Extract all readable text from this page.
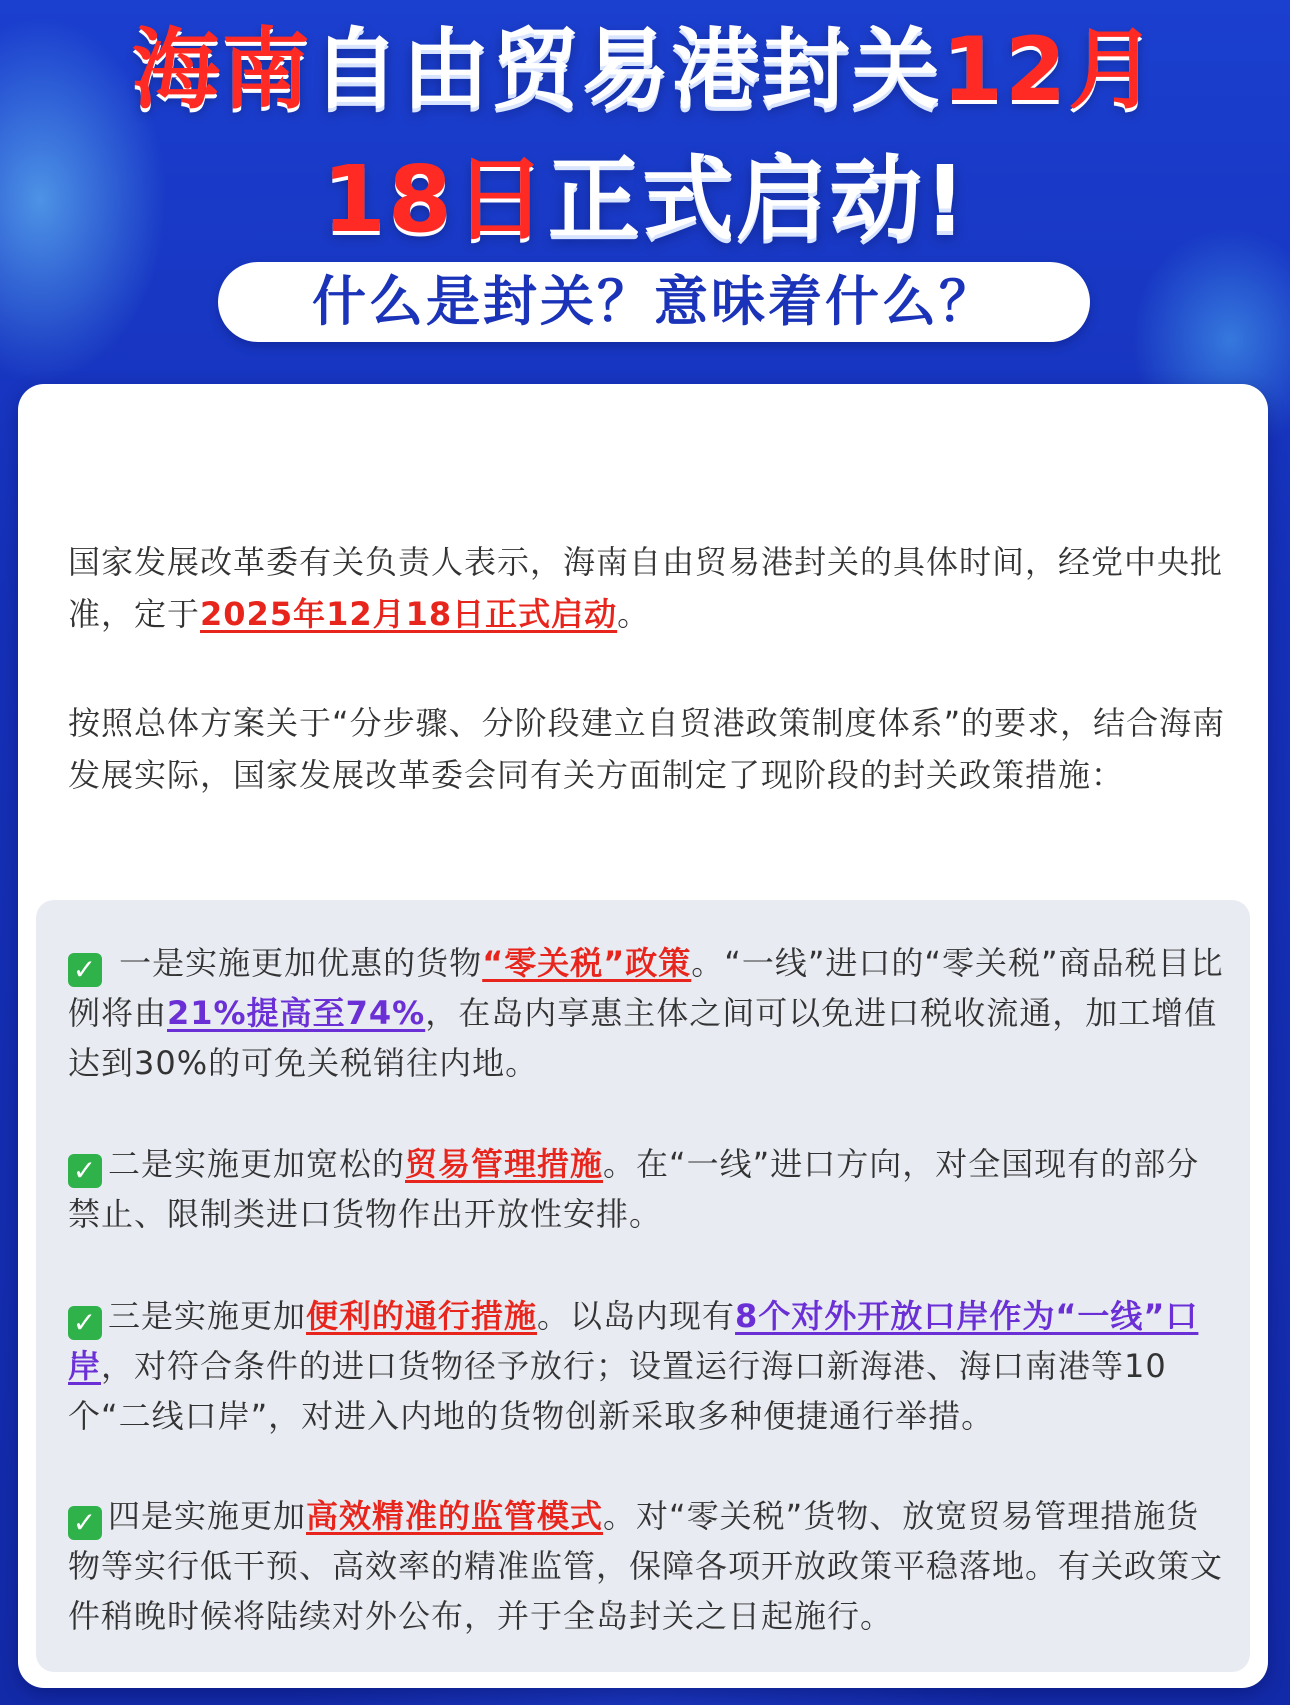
海南自由贸易港封关12月
18日正式启动!
什么是封关？意味着什么？
国家发展改革委有关负责人表示，海南自由贸易港封关的具体时间，经党中央批准，定于2025年12月18日正式启动。
按照总体方案关于“分步骤、分阶段建立自贸港政策制度体系”的要求，结合海南发展实际，国家发展改革委会同有关方面制定了现阶段的封关政策措施：
✓ 一是实施更加优惠的货物“零关税”政策。“一线”进口的“零关税”商品税目比例将由21%提高至74%，在岛内享惠主体之间可以免进口税收流通，加工增值达到30%的可免关税销往内地。
✓ 二是实施更加宽松的贸易管理措施。在“一线”进口方向，对全国现有的部分禁止、限制类进口货物作出开放性安排。
✓ 三是实施更加便利的通行措施。以岛内现有8个对外开放口岸作为“一线”口岸，对符合条件的进口货物径予放行；设置运行海口新海港、海口南港等10个“二线口岸”，对进入内地的货物创新采取多种便捷通行举措。
✓ 四是实施更加高效精准的监管模式。对“零关税”货物、放宽贸易管理措施货物等实行低干预、高效率的精准监管，保障各项开放政策平稳落地。有关政策文件稍晚时候将陆续对外公布，并于全岛封关之日起施行。
